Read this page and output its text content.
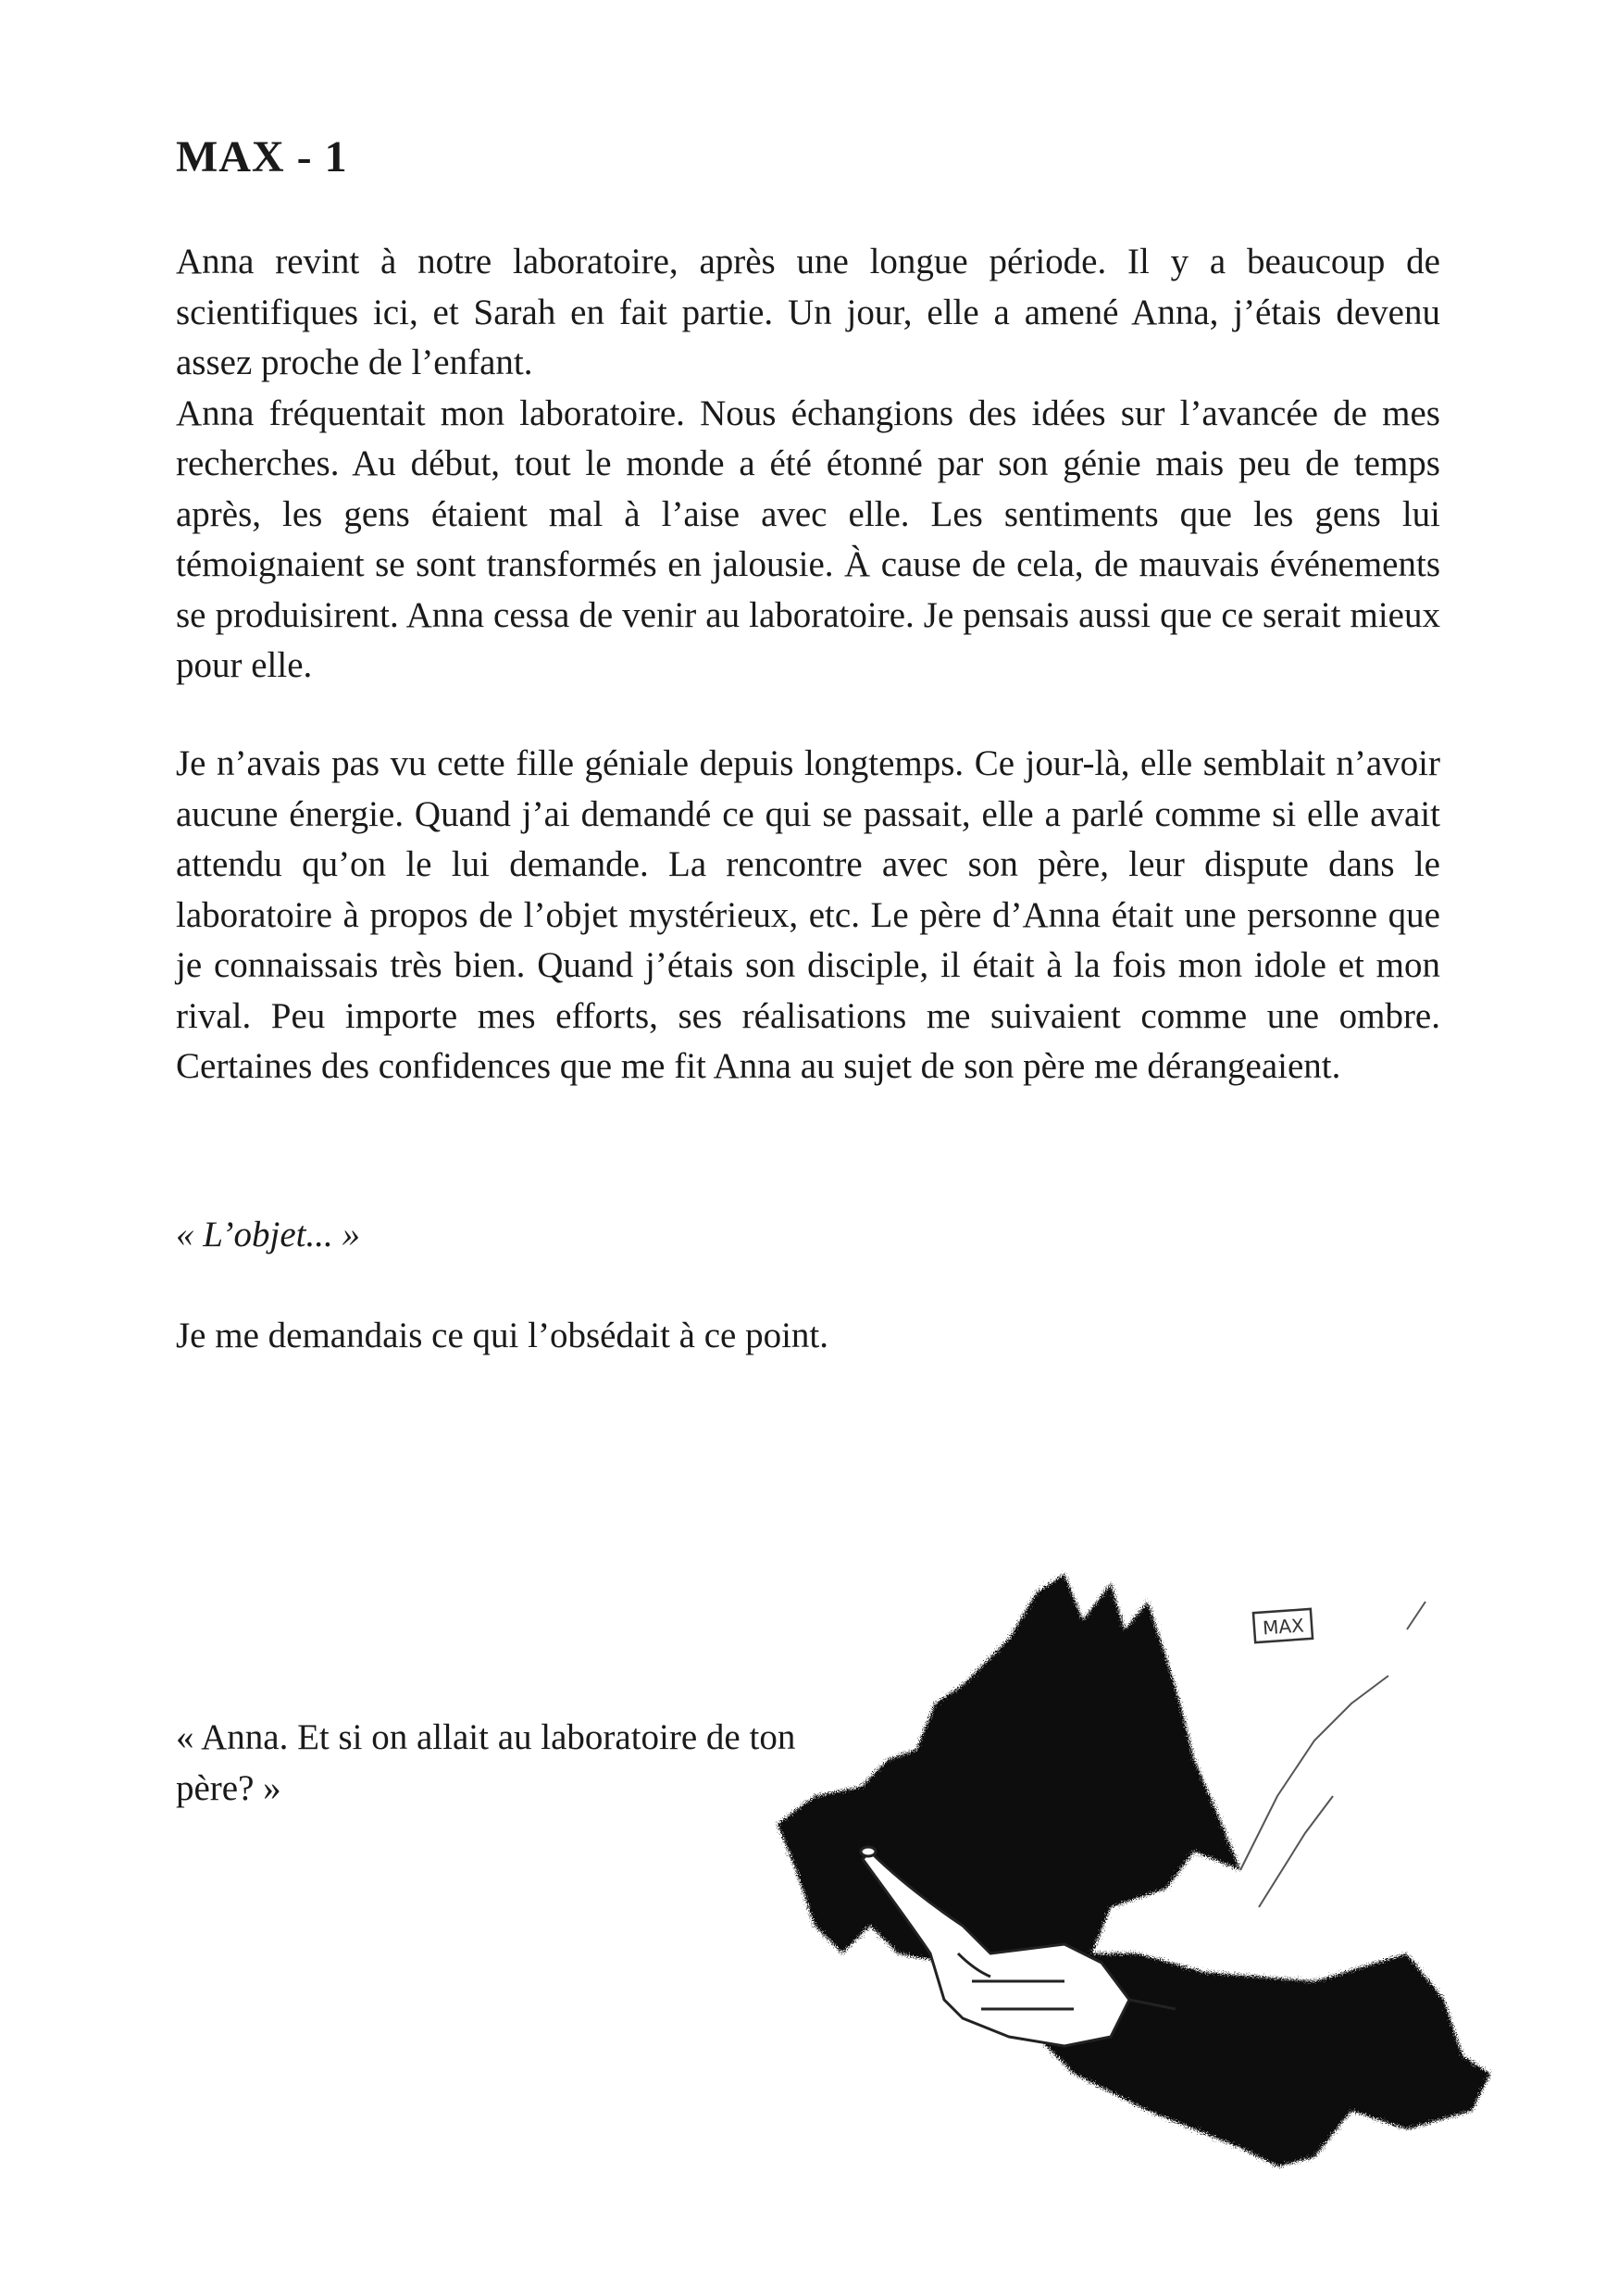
MAX - 1
Anna revint à notre laboratoire, après une longue période. Il y a beaucoup de scientifiques ici, et Sarah en fait partie. Un jour, elle a amené Anna, j’étais devenu assez proche de l’enfant.
Anna fréquentait mon laboratoire. Nous échangions des idées sur l’avancée de mes recherches. Au début, tout le monde a été étonné par son génie mais peu de temps après, les gens étaient mal à l’aise avec elle. Les sentiments que les gens lui témoignaient se sont transformés en jalousie. À cause de cela, de mauvais événements se produisirent. Anna cessa de venir au laboratoire. Je pensais aussi que ce serait mieux pour elle.

Je n’avais pas vu cette fille géniale depuis longtemps. Ce jour-là, elle semblait n’avoir aucune énergie. Quand j’ai demandé ce qui se passait, elle a parlé comme si elle avait attendu qu’on le lui demande. La rencontre avec son père, leur dispute dans le laboratoire à propos de l’objet mystérieux, etc. Le père d’Anna était une personne que je connaissais très bien. Quand j’étais son disciple, il était à la fois mon idole et mon rival. Peu importe mes efforts, ses réalisations me suivaient comme une ombre. Certaines des confidences que me fit Anna au sujet de son père me dérangeaient.

« L’objet... »

Je me demandais ce qui l’obsédait à ce point.

« Anna. Et si on allait au laboratoire de ton père? »

MAX
